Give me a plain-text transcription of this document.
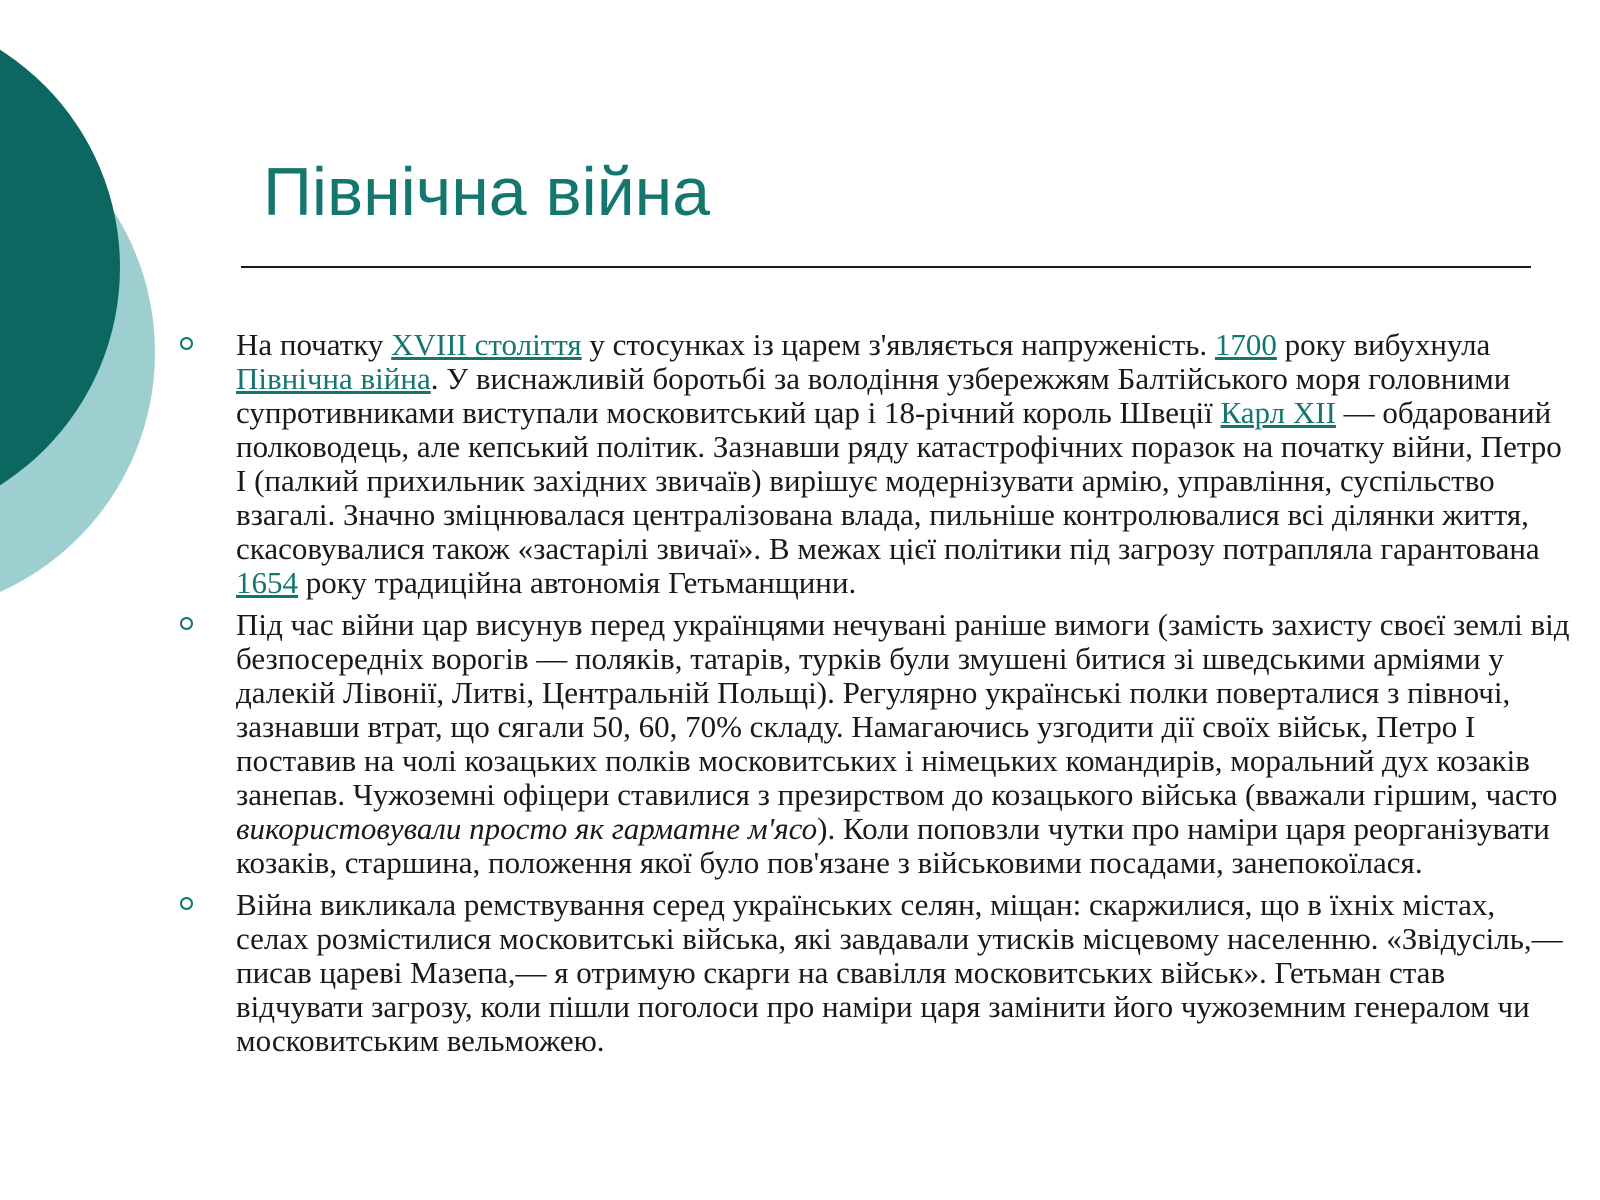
Північна війна

На початку XVIII століття у стосунках із царем з'являється напруженість. 1700 року вибухнула Північна війна. У виснажливій боротьбі за володіння узбережжям Балтійського моря головними супротивниками виступали московитський цар і 18-річний король Швеції Карл XII — обдарований полководець, але кепський політик. Зазнавши ряду катастрофічних поразок на початку війни, Петро I (палкий прихильник західних звичаїв) вирішує модернізувати армію, управління, суспільство взагалі. Значно зміцнювалася централізована влада, пильніше контролювалися всі ділянки життя, скасовувалися також «застарілі звичаї». В межах цієї політики під загрозу потрапляла гарантована 1654 року традиційна автономія Гетьманщини.

Під час війни цар висунув перед українцями нечувані раніше вимоги (замість захисту своєї землі від безпосередніх ворогів — поляків, татарів, турків були змушені битися зі шведськими арміями у далекій Лівонії, Литві, Центральній Польщі). Регулярно українські полки поверталися з півночі, зазнавши втрат, що сягали 50, 60, 70% складу. Намагаючись узгодити дії своїх військ, Петро I поставив на чолі козацьких полків московитських і німецьких командирів, моральний дух козаків занепав. Чужоземні офіцери ставилися з презирством до козацького війська (вважали гіршим, часто використовували просто як гарматне м'ясо). Коли поповзли чутки про наміри царя реорганізувати козаків, старшина, положення якої було пов'язане з військовими посадами, занепокоїлася.

Війна викликала ремствування серед українських селян, міщан: скаржилися, що в їхніх містах, селах розмістилися московитські війська, які завдавали утисків місцевому населенню. «Звідусіль,— писав цареві Мазепа,— я отримую скарги на свавілля московитських військ». Гетьман став відчувати загрозу, коли пішли поголоси про наміри царя замінити його чужоземним генералом чи московитським вельможею.
